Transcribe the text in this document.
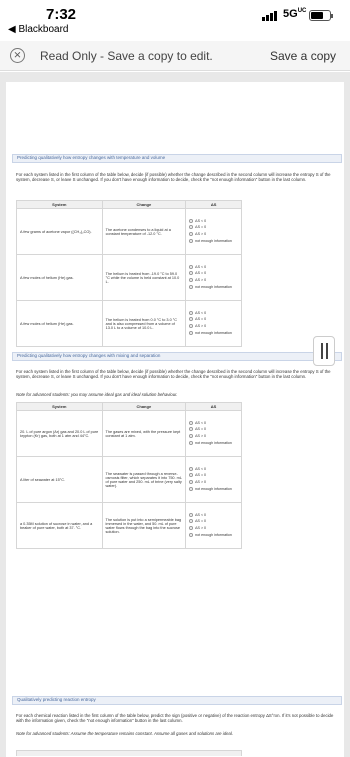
7:32
◀ Blackboard
$5G^{UC}$
⨯ Read Only - Save a copy to edit.	Save a copy
Predicting qualitatively how entropy changes with temperature and volume
For each system listed in the first column of the table below, decide (if possible) whether the change described in the second column will increase the entropy S of the system, decrease S, or leave S unchanged. If you don't have enough information to decide, check the "not enough information" button in the last column.
System	Change	ΔS
A few grams of acetone vapor ((CH₃)₂CO).	The acetone condenses to a liquid at a constant temperature of -12.0 °C.	ΔS < 0
ΔS = 0
ΔS > 0
not enough information

A few moles of helium (He) gas.	The helium is heated from -19.0 °C to 59.0 °C while the volume is held constant at 10.0 L.	ΔS < 0
ΔS = 0
ΔS > 0
not enough information

A few moles of helium (He) gas.	The helium is heated from 0.0 °C to 3.0 °C and is also compressed from a volume of 13.0 L to a volume of 10.0 L.	ΔS < 0
ΔS = 0
ΔS > 0
not enough information
Predicting qualitatively how entropy changes with mixing and separation
For each system listed in the first column of the table below, decide (if possible) whether the change described in the second column will increase the entropy S of the system, decrease S, or leave S unchanged. If you don't have enough information to decide, check the "not enough information" button in the last column.
Note for advanced students: you may assume ideal gas and ideal solution behaviour.
System	Change	ΔS
20. L of pure argon (Ar) gas and 20.0 L of pure krypton (Kr) gas, both at 1 atm and 44°C.	The gases are mixed, with the pressure kept constant at 1 atm.	ΔS < 0
ΔS = 0
ΔS > 0
not enough information

A liter of seawater at 15°C.	The seawater is passed through a reverse-osmosis filter, which separates it into 750. mL of pure water and 250. mL of brine (very salty water).	ΔS < 0
ΔS = 0
ΔS > 0
not enough information

a 0.35M solution of sucrose in water, and a beaker of pure water, both at 37. °C.	The solution is put into a semipermeable bag immersed in the water, and 50. mL of pure water flows through the bag into the sucrose solution.	ΔS < 0
ΔS = 0
ΔS > 0
not enough information
Qualitatively predicting reaction entropy
For each chemical reaction listed in the first column of the table below, predict the sign (positive or negative) of the reaction entropy ΔS°rxn. If it's not possible to decide with the information given, check the "not enough information" button in the last column.
Note for advanced students: Assume the temperature remains constant. Assume all gases and solutions are ideal.
